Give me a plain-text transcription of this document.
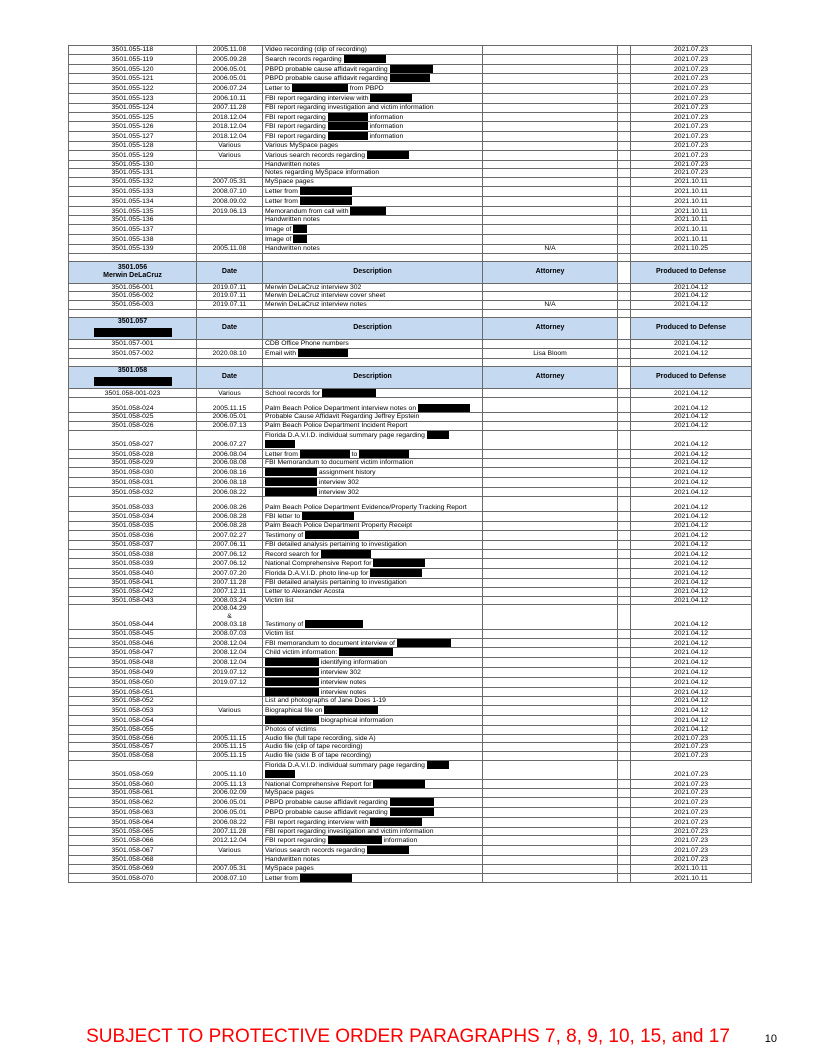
3501.055-118	2005.11.08	Video recording (clip of recording)			2021.07.23
3501.055-119	2005.09.28	Search records regarding			2021.07.23
3501.055-120	2006.05.01	PBPD probable cause affidavit regarding			2021.07.23
3501.055-121	2006.05.01	PBPD probable cause affidavit regarding			2021.07.23
3501.055-122	2006.07.24	Letter to from PBPD			2021.07.23
3501.055-123	2006.10.11	FBI report regarding interview with			2021.07.23
3501.055-124	2007.11.28	FBI report regarding investigation and victim information			2021.07.23
3501.055-125	2018.12.04	FBI report regarding information			2021.07.23
3501.055-126	2018.12.04	FBI report regarding information			2021.07.23
3501.055-127	2018.12.04	FBI report regarding information			2021.07.23
3501.055-128	Various	Various MySpace pages			2021.07.23
3501.055-129	Various	Various search records regarding			2021.07.23
3501.055-130		Handwritten notes			2021.07.23
3501.055-131		Notes regarding MySpace information			2021.07.23
3501.055-132	2007.05.31	MySpace pages			2021.10.11
3501.055-133	2008.07.10	Letter from			2021.10.11
3501.055-134	2008.09.02	Letter from			2021.10.11
3501.055-135	2019.06.13	Memorandum from call with			2021.10.11
3501.055-136		Handwritten notes			2021.10.11
3501.055-137		Image of			2021.10.11
3501.055-138		Image of			2021.10.11
3501.055-139	2005.11.08	Handwritten notes	N/A		2021.10.25

3501.056
Merwin DeLaCruz	Date	Description	Attorney		Produced to Defense
3501.056-001	2019.07.11	Merwin DeLaCruz interview 302			2021.04.12
3501.056-002	2019.07.11	Merwin DeLaCruz interview cover sheet			2021.04.12
3501.056-003	2019.07.11	Merwin DeLaCruz interview notes	N/A		2021.04.12

3501.057	Date	Description	Attorney		Produced to Defense
3501.057-001		CDB Office Phone numbers			2021.04.12
3501.057-002	2020.08.10	Email with	Lisa Bloom		2021.04.12

3501.058	Date	Description	Attorney		Produced to Defense
3501.058-001-023	Various	School records for			2021.04.12
3501.058-024	2005.11.15	Palm Beach Police Department interview notes on			2021.04.12
3501.058-025	2006.05.01	Probable Cause Affidavit Regarding Jeffrey Epstein			2021.04.12
3501.058-026	2006.07.13	Palm Beach Police Department Incident Report			2021.04.12
3501.058-027	2006.07.27	Florida D.A.V.I.D. individual summary page regarding			2021.04.12
3501.058-028	2006.08.04	Letter from to			2021.04.12
3501.058-029	2006.08.08	FBI Memorandum to document victim information			2021.04.12
3501.058-030	2006.08.16	assignment history			2021.04.12
3501.058-031	2006.08.18	interview 302			2021.04.12
3501.058-032	2006.08.22	interview 302			2021.04.12
3501.058-033	2006.08.26	Palm Beach Police Department Evidence/Property Tracking Report			2021.04.12
3501.058-034	2006.08.28	FBI letter to			2021.04.12
3501.058-035	2006.08.28	Palm Beach Police Department Property Receipt			2021.04.12
3501.058-036	2007.02.27	Testimony of			2021.04.12
3501.058-037	2007.06.11	FBI detailed analysis pertaining to investigation			2021.04.12
3501.058-038	2007.06.12	Record search for			2021.04.12
3501.058-039	2007.06.12	National Comprehensive Report for			2021.04.12
3501.058-040	2007.07.20	Florida D.A.V.I.D. photo line-up for			2021.04.12
3501.058-041	2007.11.28	FBI detailed analysis pertaining to investigation			2021.04.12
3501.058-042	2007.12.11	Letter to Alexander Acosta			2021.04.12
3501.058-043	2008.03.24	Victim list			2021.04.12
3501.058-044	2008.04.29
&
2008.03.18	Testimony of			2021.04.12
3501.058-045	2008.07.03	Victim list			2021.04.12
3501.058-046	2008.12.04	FBI memorandum to document interview of			2021.04.12
3501.058-047	2008.12.04	Child victim information:			2021.04.12
3501.058-048	2008.12.04	identifying information			2021.04.12
3501.058-049	2019.07.12	interview 302			2021.04.12
3501.058-050	2019.07.12	interview notes			2021.04.12
3501.058-051		interview notes			2021.04.12
3501.058-052		List and photographs of Jane Does 1-19			2021.04.12
3501.058-053	Various	Biographical file on			2021.04.12
3501.058-054		biographical information			2021.04.12
3501.058-055		Photos of victims			2021.04.12
3501.058-056	2005.11.15	Audio file (full tape recording, side A)			2021.07.23
3501.058-057	2005.11.15	Audio file (clip of tape recording)			2021.07.23
3501.058-058	2005.11.15	Audio file (side B of tape recording)			2021.07.23
3501.058-059	2005.11.10	Florida D.A.V.I.D. individual summary page regarding			2021.07.23
3501.058-060	2005.11.13	National Comprehensive Report for			2021.07.23
3501.058-061	2006.02.09	MySpace pages			2021.07.23
3501.058-062	2006.05.01	PBPD probable cause affidavit regarding			2021.07.23
3501.058-063	2006.05.01	PBPD probable cause affidavit regarding			2021.07.23
3501.058-064	2006.08.22	FBI report regarding interview with			2021.07.23
3501.058-065	2007.11.28	FBI report regarding investigation and victim information			2021.07.23
3501.058-066	2012.12.04	FBI report regarding information			2021.07.23
3501.058-067	Various	Various search records regarding			2021.07.23
3501.058-068		Handwritten notes			2021.07.23
3501.058-069	2007.05.31	MySpace pages			2021.10.11
3501.058-070	2008.07.10	Letter from			2021.10.11
SUBJECT TO PROTECTIVE ORDER PARAGRAPHS 7, 8, 9, 10, 15, and 17	10
